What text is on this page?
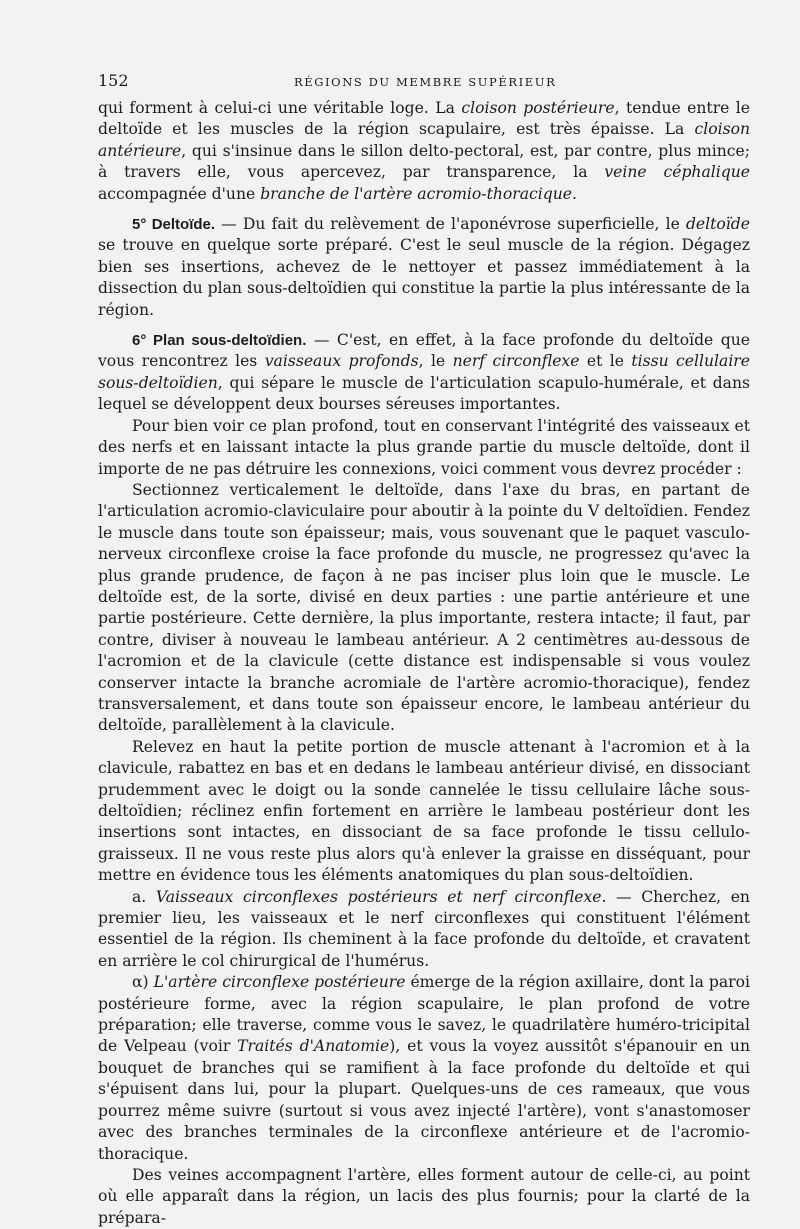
152	RÉGIONS DU MEMBRE SUPÉRIEUR

qui forment à celui-ci une véritable loge. La cloison postérieure, tendue entre le deltoïde et les muscles de la région scapulaire, est très épaisse. La cloison antérieure, qui s'insinue dans le sillon delto-pectoral, est, par contre, plus mince; à travers elle, vous apercevez, par transparence, la veine céphalique accompagnée d'une branche de l'artère acromio-thoracique.

5° Deltoïde. — Du fait du relèvement de l'aponévrose superficielle, le deltoïde se trouve en quelque sorte préparé. C'est le seul muscle de la région. Dégagez bien ses insertions, achevez de le nettoyer et passez immédiatement à la dissection du plan sous-deltoïdien qui constitue la partie la plus intéressante de la région.

6° Plan sous-deltoïdien. — C'est, en effet, à la face profonde du deltoïde que vous rencontrez les vaisseaux profonds, le nerf circonflexe et le tissu cellulaire sous-deltoïdien, qui sépare le muscle de l'articulation scapulo-humérale, et dans lequel se développent deux bourses séreuses importantes.

Pour bien voir ce plan profond, tout en conservant l'intégrité des vaisseaux et des nerfs et en laissant intacte la plus grande partie du muscle deltoïde, dont il importe de ne pas détruire les connexions, voici comment vous devrez procéder :

Sectionnez verticalement le deltoïde, dans l'axe du bras, en partant de l'articulation acromio-claviculaire pour aboutir à la pointe du V deltoïdien. Fendez le muscle dans toute son épaisseur; mais, vous souvenant que le paquet vasculo-nerveux circonflexe croise la face profonde du muscle, ne progressez qu'avec la plus grande prudence, de façon à ne pas inciser plus loin que le muscle. Le deltoïde est, de la sorte, divisé en deux parties : une partie antérieure et une partie postérieure. Cette dernière, la plus importante, restera intacte; il faut, par contre, diviser à nouveau le lambeau antérieur. A 2 centimètres au-dessous de l'acromion et de la clavicule (cette distance est indispensable si vous voulez conserver intacte la branche acromiale de l'artère acromio-thoracique), fendez transversalement, et dans toute son épaisseur encore, le lambeau antérieur du deltoïde, parallèlement à la clavicule.

Relevez en haut la petite portion de muscle attenant à l'acromion et à la clavicule, rabattez en bas et en dedans le lambeau antérieur divisé, en dissociant prudemment avec le doigt ou la sonde cannelée le tissu cellulaire lâche sous-deltoïdien; réclinez enfin fortement en arrière le lambeau postérieur dont les insertions sont intactes, en dissociant de sa face profonde le tissu cellulo-graisseux. Il ne vous reste plus alors qu'à enlever la graisse en disséquant, pour mettre en évidence tous les éléments anatomiques du plan sous-deltoïdien.

a. Vaisseaux circonflexes postérieurs et nerf circonflexe. — Cherchez, en premier lieu, les vaisseaux et le nerf circonflexes qui constituent l'élément essentiel de la région. Ils cheminent à la face profonde du deltoïde, et cravatent en arrière le col chirurgical de l'humérus.

α) L'artère circonflexe postérieure émerge de la région axillaire, dont la paroi postérieure forme, avec la région scapulaire, le plan profond de votre préparation; elle traverse, comme vous le savez, le quadrilatère huméro-tricipital de Velpeau (voir Traités d'Anatomie), et vous la voyez aussitôt s'épanouir en un bouquet de branches qui se ramifient à la face profonde du deltoïde et qui s'épuisent dans lui, pour la plupart. Quelques-uns de ces rameaux, que vous pourrez même suivre (surtout si vous avez injecté l'artère), vont s'anastomoser avec des branches terminales de la circonflexe antérieure et de l'acromio-thoracique.

Des veines accompagnent l'artère, elles forment autour de celle-ci, au point où elle apparaît dans la région, un lacis des plus fournis; pour la clarté de la prépara-
